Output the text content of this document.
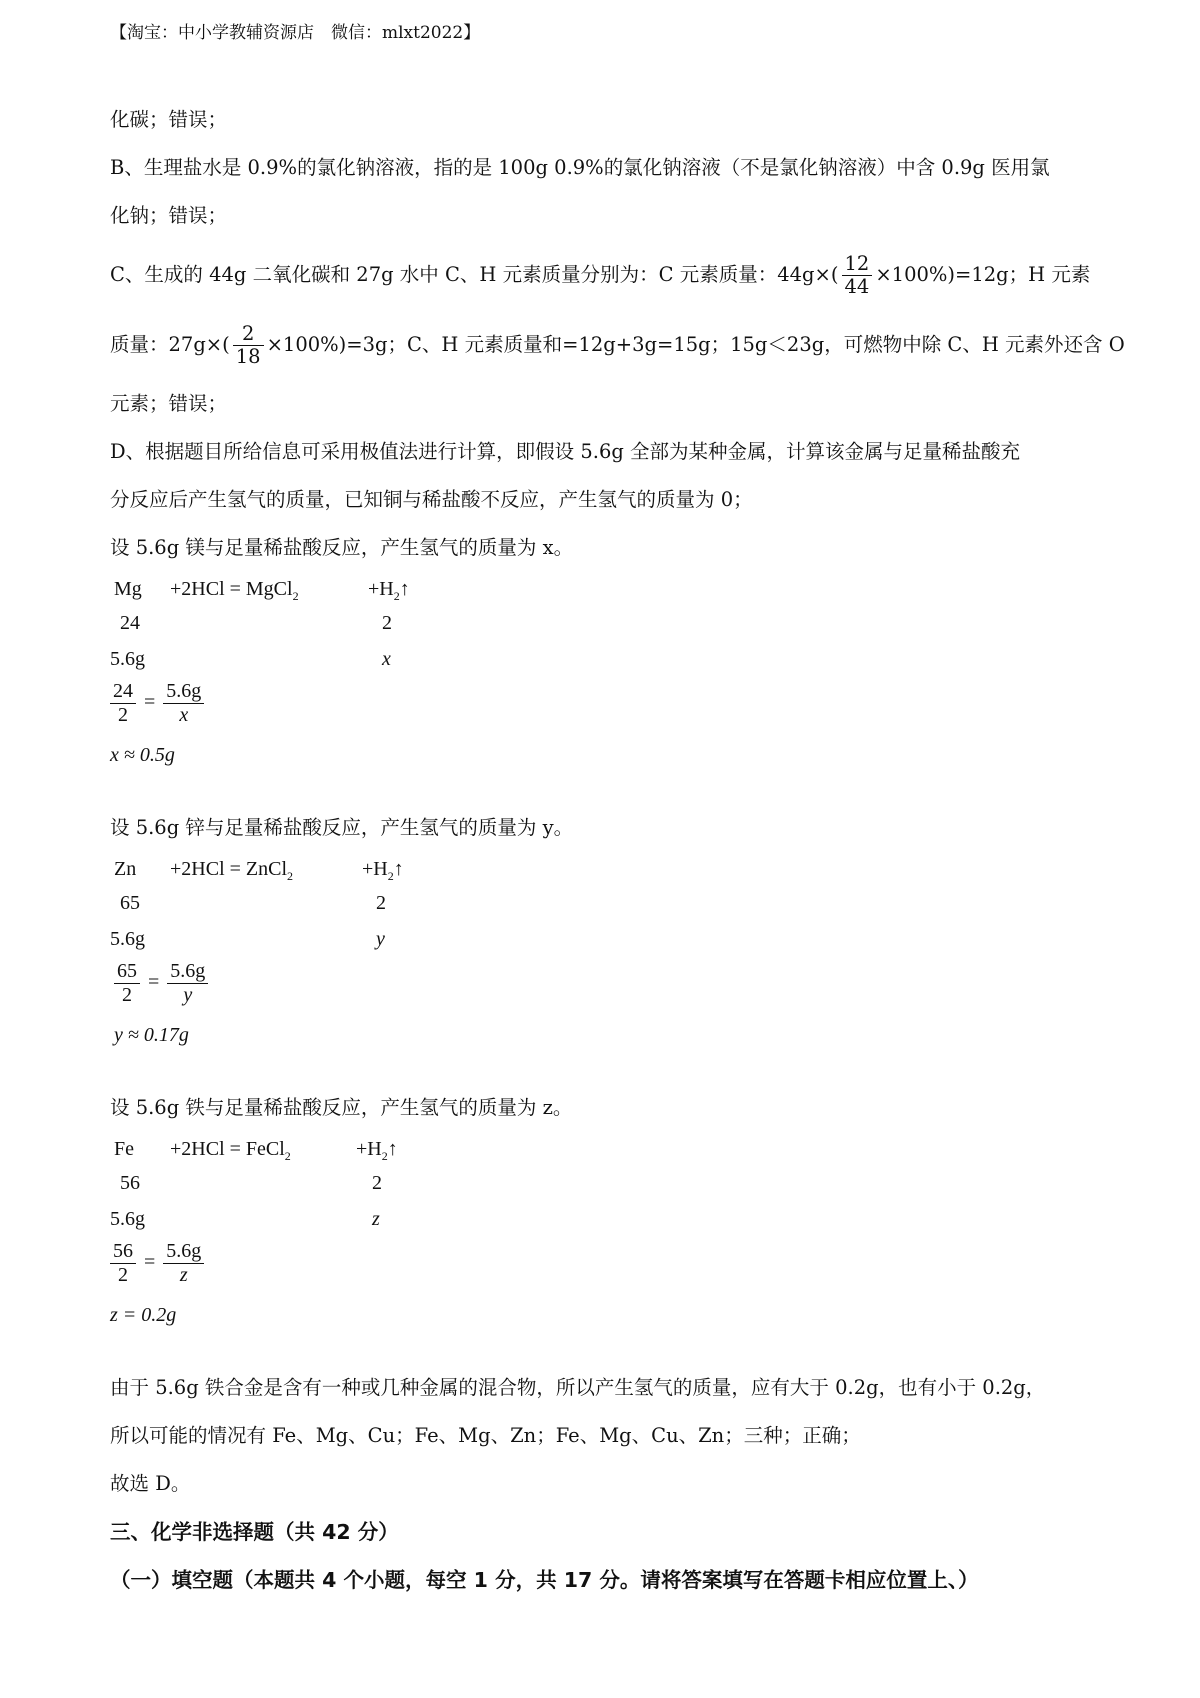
【淘宝：中小学教辅资源店　微信：mlxt2022】
化碳；错误；
B、生理盐水是 0.9%的氯化钠溶液，指的是 100g 0.9%的氯化钠溶液（不是氯化钠溶液）中含 0.9g 医用氯
化钠；错误；
C、生成的 44g 二氧化碳和 27g 水中 C、H 元素质量分别为：C 元素质量：$44g\times( \frac{12}{44} \times 100\%)=12g$；H 元素
质量：$27g\times( \frac{2}{18} \times 100\%)=3g$；C、H 元素质量和=12g+3g=15g；15g＜23g，可燃物中除 C、H 元素外还含 O
元素；错误；
D、根据题目所给信息可采用极值法进行计算，即假设 5.6g 全部为某种金属，计算该金属与足量稀盐酸充
分反应后产生氢气的质量，已知铜与稀盐酸不反应，产生氢气的质量为 0；
设 5.6g 镁与足量稀盐酸反应，产生氢气的质量为 x。
Mg +2HCl = MgCl$_2$	$+H_2↑$
24	2
5.6g	x
$\frac{24}{2} = \frac{5.6g}{x}$
x ≈ 0.5g
设 5.6g 锌与足量稀盐酸反应，产生氢气的质量为 y。
Zn +2HCl = ZnCl$_2$	$+H_2↑$
65	2
5.6g	y
$\frac{65}{2} = \frac{5.6g}{y}$
y ≈ 0.17g
设 5.6g 铁与足量稀盐酸反应，产生氢气的质量为 z。
Fe +2HCl = FeCl$_2$	$+H_2↑$
56	2
5.6g	z
$\frac{56}{2} = \frac{5.6g}{z}$
z = 0.2g
由于 5.6g 铁合金是含有一种或几种金属的混合物，所以产生氢气的质量，应有大于 0.2g，也有小于 0.2g，
所以可能的情况有 Fe、Mg、Cu；Fe、Mg、Zn；Fe、Mg、Cu、Zn；三种；正确；
故选 D。
三、化学非选择题（共 42 分）
（一）填空题（本题共 4 个小题，每空 1 分，共 17 分。请将答案填写在答题卡相应位置上、）
